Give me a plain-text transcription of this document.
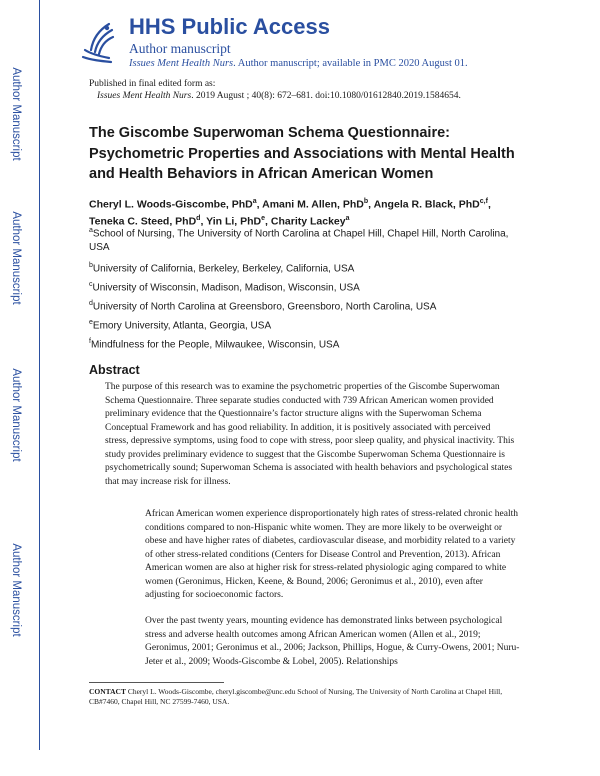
Author Manuscript
Author Manuscript
Author Manuscript
Author Manuscript
HHS Public Access
Author manuscript
Issues Ment Health Nurs. Author manuscript; available in PMC 2020 August 01.
Published in final edited form as:
Issues Ment Health Nurs. 2019 August ; 40(8): 672–681. doi:10.1080/01612840.2019.1584654.
The Giscombe Superwoman Schema Questionnaire: Psychometric Properties and Associations with Mental Health and Health Behaviors in African American Women

Cheryl L. Woods-Giscombe, PhD$^a$, Amani M. Allen, PhD$^b$, Angela R. Black, PhD$^{c,f}$, Teneka C. Steed, PhD$^d$, Yin Li, PhD$^e$, Charity Lackey$^a$

$^a$School of Nursing, The University of North Carolina at Chapel Hill, Chapel Hill, North Carolina, USA

$^b$University of California, Berkeley, Berkeley, California, USA

$^c$University of Wisconsin, Madison, Madison, Wisconsin, USA

$^d$University of North Carolina at Greensboro, Greensboro, North Carolina, USA

$^e$Emory University, Atlanta, Georgia, USA

$^f$Mindfulness for the People, Milwaukee, Wisconsin, USA

Abstract

The purpose of this research was to examine the psychometric properties of the Giscombe Superwoman Schema Questionnaire. Three separate studies conducted with 739 African American women provided preliminary evidence that the Questionnaire’s factor structure aligns with the Superwoman Schema Conceptual Framework and has good reliability. In addition, it is positively associated with perceived stress, depressive symptoms, using food to cope with stress, poor sleep quality, and physical inactivity. This study provides preliminary evidence to suggest that the Giscombe Superwoman Schema Questionnaire is psychometrically sound; Superwoman Schema is associated with health behaviors and psychological states that may increase risk for illness.

African American women experience disproportionately high rates of stress-related chronic health conditions compared to non-Hispanic white women. They are more likely to be overweight or obese and have higher rates of diabetes, cardiovascular disease, and morbidity related to a variety of other stress-related conditions (Centers for Disease Control and Prevention, 2013). African American women are also at higher risk for stress-related physiologic aging compared to white women (Geronimus, Hicken, Keene, & Bound, 2006; Geronimus et al., 2010), even after adjusting for socioeconomic factors.

Over the past twenty years, mounting evidence has demonstrated links between psychological stress and adverse health outcomes among African American women (Allen et al., 2019; Geronimus, 2001; Geronimus et al., 2006; Jackson, Phillips, Hogue, & Curry-Owens, 2001; Nuru-Jeter et al., 2009; Woods-Giscombe & Lobel, 2005). Relationships

CONTACT Cheryl L. Woods-Giscombe, cheryl.giscombe@unc.edu School of Nursing, The University of North Carolina at Chapel Hill, CB#7460, Chapel Hill, NC 27599-7460, USA.
